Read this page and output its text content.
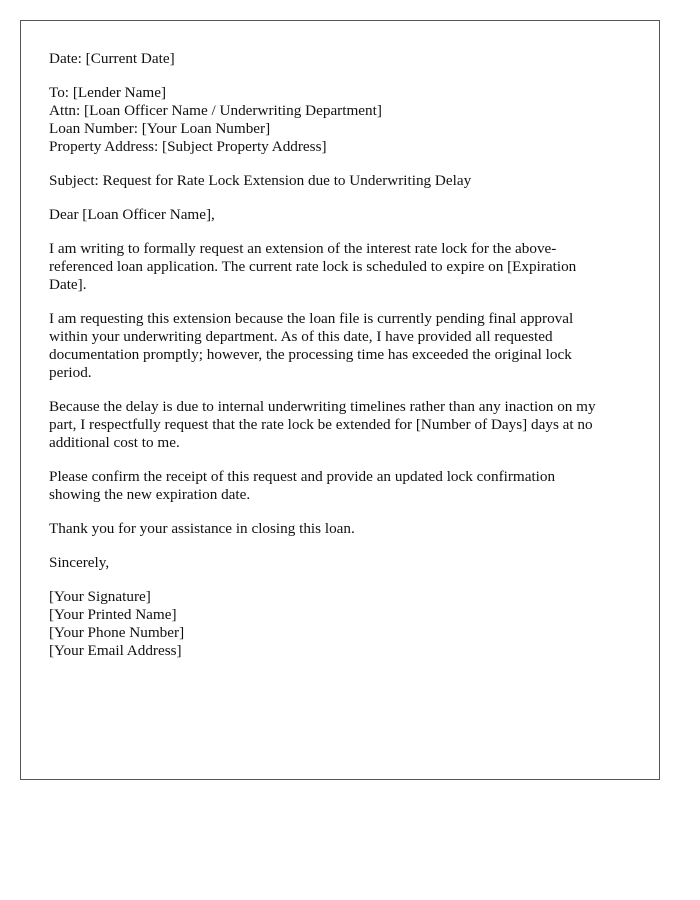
Date: [Current Date]
To: [Lender Name]
Attn: [Loan Officer Name / Underwriting Department]
Loan Number: [Your Loan Number]
Property Address: [Subject Property Address]
Subject: Request for Rate Lock Extension due to Underwriting Delay
Dear [Loan Officer Name],
I am writing to formally request an extension of the interest rate lock for the above-
referenced loan application. The current rate lock is scheduled to expire on [Expiration
Date].
I am requesting this extension because the loan file is currently pending final approval
within your underwriting department. As of this date, I have provided all requested
documentation promptly; however, the processing time has exceeded the original lock
period.
Because the delay is due to internal underwriting timelines rather than any inaction on my
part, I respectfully request that the rate lock be extended for [Number of Days] days at no
additional cost to me.
Please confirm the receipt of this request and provide an updated lock confirmation
showing the new expiration date.
Thank you for your assistance in closing this loan.
Sincerely,
[Your Signature]
[Your Printed Name]
[Your Phone Number]
[Your Email Address]
